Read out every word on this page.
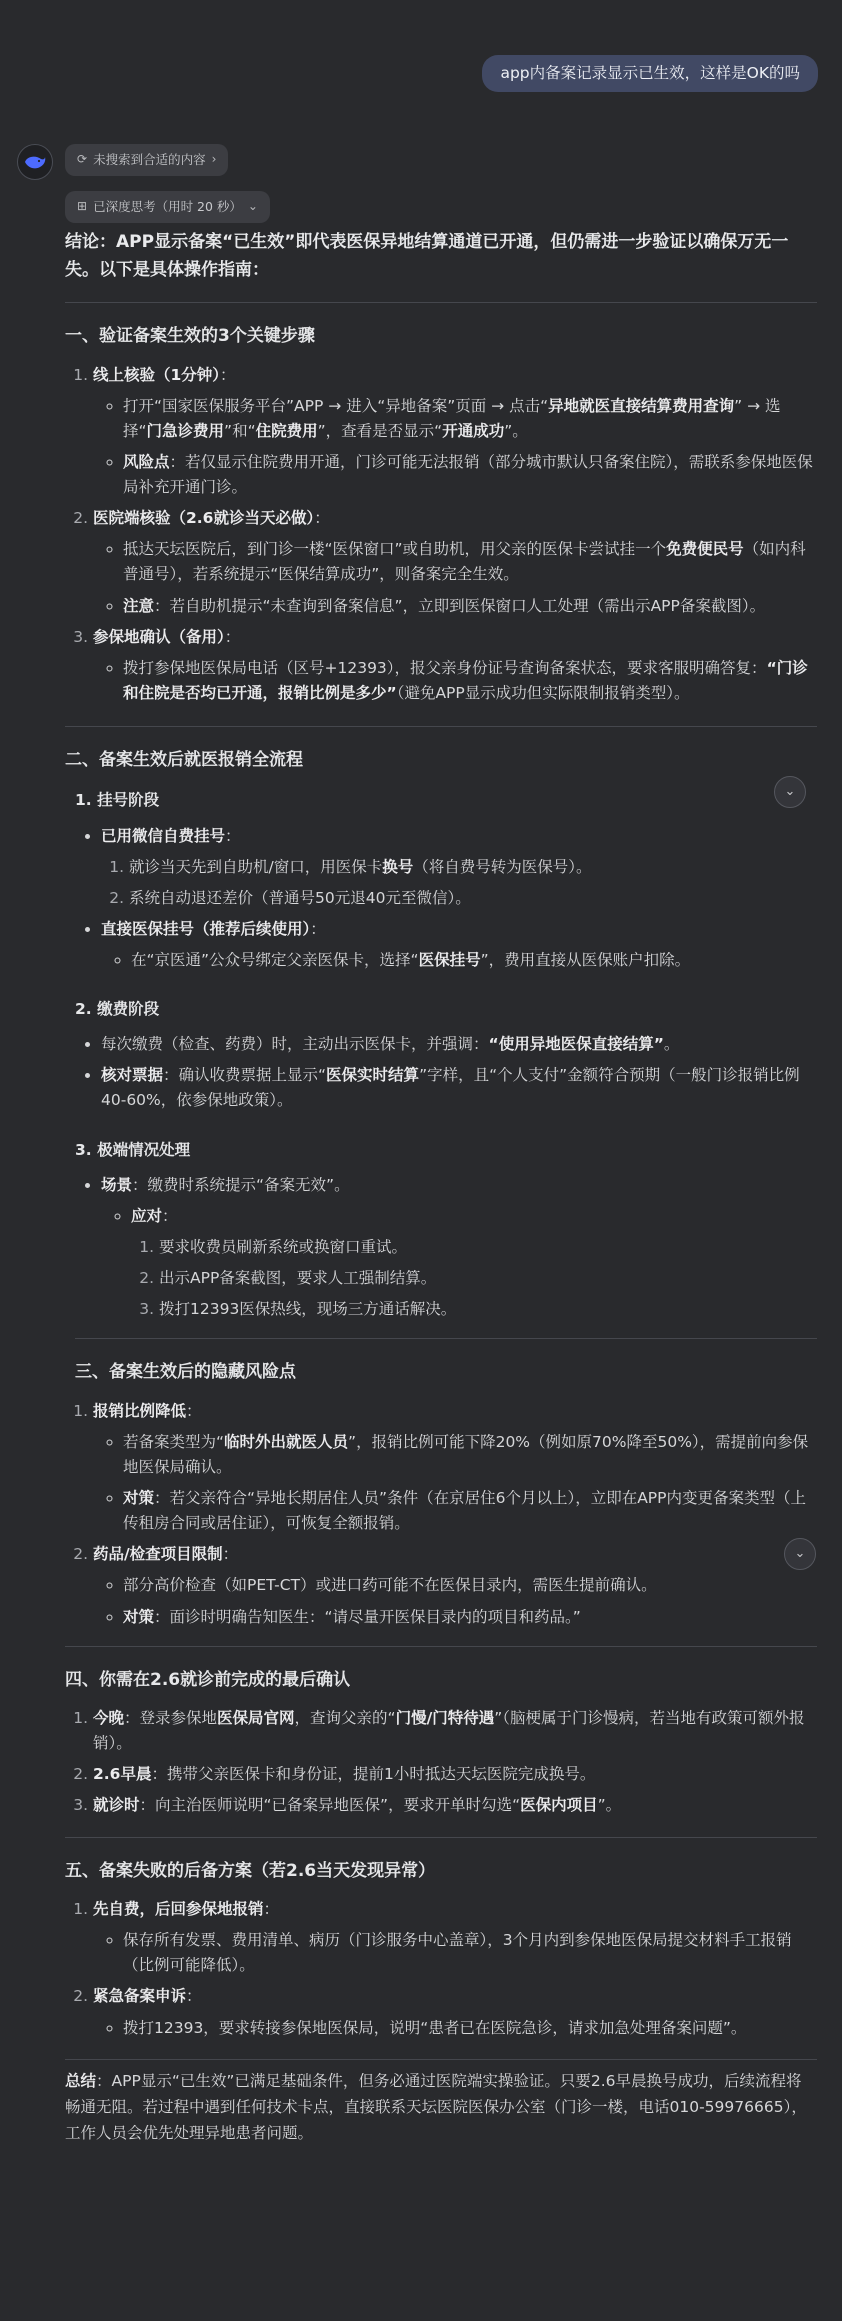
app内备案记录显示已生效，这样是OK的吗
⟳ 未搜索到合适的内容 ›
⊞ 已深度思考（用时 20 秒） ⌄
⌄
⌄

结论：APP显示备案“已生效”即代表医保异地结算通道已开通，但仍需进一步验证以确保万无一失。以下是具体操作指南：

一、验证备案生效的3个关键步骤
1. 线上核验（1分钟）：
◦ 打开“国家医保服务平台”APP → 进入“异地备案”页面 → 点击“异地就医直接结算费用查询” → 选择“门急诊费用”和“住院费用”，查看是否显示“开通成功”。
◦ 风险点：若仅显示住院费用开通，门诊可能无法报销（部分城市默认只备案住院），需联系参保地医保局补充开通门诊。
2. 医院端核验（2.6就诊当天必做）：
◦ 抵达天坛医院后，到门诊一楼“医保窗口”或自助机，用父亲的医保卡尝试挂一个免费便民号（如内科普通号），若系统提示“医保结算成功”，则备案完全生效。
◦ 注意：若自助机提示“未查询到备案信息”，立即到医保窗口人工处理（需出示APP备案截图）。
3. 参保地确认（备用）：
◦ 拨打参保地医保局电话（区号+12393），报父亲身份证号查询备案状态，要求客服明确答复：“门诊和住院是否均已开通，报销比例是多少”（避免APP显示成功但实际限制报销类型）。
二、备案生效后就医报销全流程
1. 挂号阶段
• 已用微信自费挂号：
1. 就诊当天先到自助机/窗口，用医保卡换号（将自费号转为医保号）。
2. 系统自动退还差价（普通号50元退40元至微信）。
• 直接医保挂号（推荐后续使用）：
◦ 在“京医通”公众号绑定父亲医保卡，选择“医保挂号”，费用直接从医保账户扣除。
2. 缴费阶段
• 每次缴费（检查、药费）时，主动出示医保卡，并强调：“使用异地医保直接结算”。
• 核对票据：确认收费票据上显示“医保实时结算”字样，且“个人支付”金额符合预期（一般门诊报销比例40-60%，依参保地政策）。
3. 极端情况处理
• 场景：缴费时系统提示“备案无效”。
◦ 应对：
1. 要求收费员刷新系统或换窗口重试。
2. 出示APP备案截图，要求人工强制结算。
3. 拨打12393医保热线，现场三方通话解决。
三、备案生效后的隐藏风险点
1. 报销比例降低：
◦ 若备案类型为“临时外出就医人员”，报销比例可能下降20%（例如原70%降至50%），需提前向参保地医保局确认。
◦ 对策：若父亲符合“异地长期居住人员”条件（在京居住6个月以上），立即在APP内变更备案类型（上传租房合同或居住证），可恢复全额报销。
2. 药品/检查项目限制：
◦ 部分高价检查（如PET-CT）或进口药可能不在医保目录内，需医生提前确认。
◦ 对策：面诊时明确告知医生：“请尽量开医保目录内的项目和药品。”
四、你需在2.6就诊前完成的最后确认
1. 今晚：登录参保地医保局官网，查询父亲的“门慢/门特待遇”（脑梗属于门诊慢病，若当地有政策可额外报销）。
2. 2.6早晨：携带父亲医保卡和身份证，提前1小时抵达天坛医院完成换号。
3. 就诊时：向主治医师说明“已备案异地医保”，要求开单时勾选“医保内项目”。
五、备案失败的后备方案（若2.6当天发现异常）
1. 先自费，后回参保地报销：
◦ 保存所有发票、费用清单、病历（门诊服务中心盖章），3个月内到参保地医保局提交材料手工报销（比例可能降低）。
2. 紧急备案申诉：
◦ 拨打12393，要求转接参保地医保局，说明“患者已在医院急诊，请求加急处理备案问题”。

总结：APP显示“已生效”已满足基础条件，但务必通过医院端实操验证。只要2.6早晨换号成功，后续流程将畅通无阻。若过程中遇到任何技术卡点，直接联系天坛医院医保办公室（门诊一楼，电话010-59976665），工作人员会优先处理异地患者问题。
